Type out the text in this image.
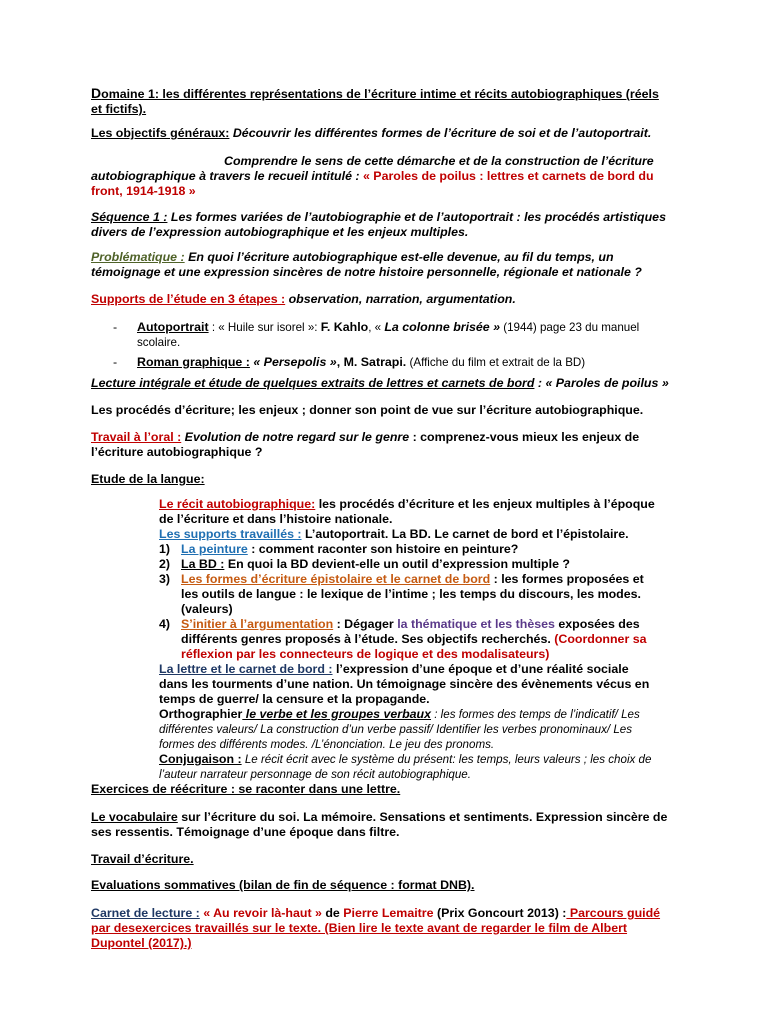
Domaine 1: les différentes représentations de l’écriture intime et récits autobiographiques (réels et fictifs).

Les objectifs généraux: Découvrir les différentes formes de l’écriture de soi et de l’autoportrait.

Comprendre le sens de cette démarche et de la construction de l’écriture autobiographique à travers le recueil intitulé : « Paroles de poilus : lettres et carnets de bord du front, 1914-1918 »

Séquence 1 : Les formes variées de l’autobiographie et de l’autoportrait : les procédés artistiques divers de l’expression autobiographique et les enjeux multiples.

Problématique : En quoi l’écriture autobiographique est-elle devenue, au fil du temps, un témoignage et une expression sincères de notre histoire personnelle, régionale et nationale ?

Supports de l’étude en 3 étapes : observation, narration, argumentation.

- Autoportrait : « Huile sur isorel »: F. Kahlo, « La colonne brisée » (1944) page 23 du manuel scolaire.
- Roman graphique : « Persepolis », M. Satrapi. (Affiche du film et extrait de la BD)

Lecture intégrale et étude de quelques extraits de lettres et carnets de bord : « Paroles de poilus »

Les procédés d’écriture; les enjeux ; donner son point de vue sur l’écriture autobiographique.

Travail à l’oral : Evolution de notre regard sur le genre : comprenez-vous mieux les enjeux de l’écriture autobiographique ?

Etude de la langue:

Le récit autobiographique: les procédés d’écriture et les enjeux multiples à l’époque de l’écriture et dans l’histoire nationale.

Les supports travaillés : L’autoportrait. La BD. Le carnet de bord et l’épistolaire.

1) La peinture : comment raconter son histoire en peinture?
2) La BD : En quoi la BD devient-elle un outil d’expression multiple ?
3) Les formes d’écriture épistolaire et le carnet de bord : les formes proposées et les outils de langue : le lexique de l’intime ; les temps du discours, les modes. (valeurs)
4) S’initier à l’argumentation : Dégager la thématique et les thèses exposées des différents genres proposés à l’étude. Ses objectifs recherchés. (Coordonner sa réflexion par les connecteurs de logique et des modalisateurs)

La lettre et le carnet de bord : l’expression d’une époque et d’une réalité sociale dans les tourments d’une nation. Un témoignage sincère des évènements vécus en temps de guerre/ la censure et la propagande.

Orthographier le verbe et les groupes verbaux : les formes des temps de l’indicatif/ Les différentes valeurs/ La construction d’un verbe passif/ Identifier les verbes pronominaux/ Les formes des différents modes. /L’énonciation. Le jeu des pronoms.

Conjugaison : Le récit écrit avec le système du présent: les temps, leurs valeurs ; les choix de l’auteur narrateur personnage de son récit autobiographique.

Exercices de réécriture : se raconter dans une lettre.

Le vocabulaire sur l’écriture du soi. La mémoire. Sensations et sentiments. Expression sincère de ses ressentis. Témoignage d’une époque dans filtre.

Travail d’écriture.

Evaluations sommatives (bilan de fin de séquence : format DNB).

Carnet de lecture : « Au revoir là-haut » de Pierre Lemaitre (Prix Goncourt 2013) : Parcours guidé par desexercices travaillés sur le texte. (Bien lire le texte avant de regarder le film de Albert Dupontel (2017).)
